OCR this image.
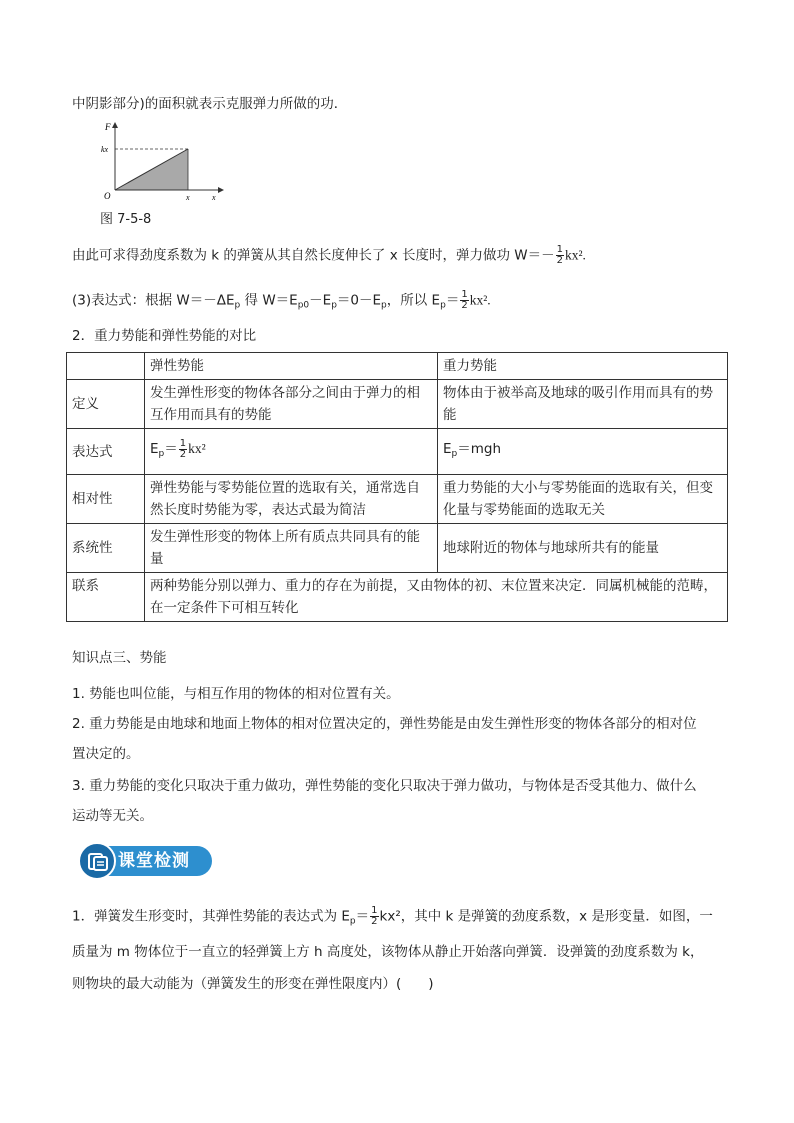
中阴影部分)的面积就表示克服弹力所做的功．
F
kx
O	x	x
图 7-5-8
由此可求得劲度系数为 k 的弹簧从其自然长度伸长了 x 长度时，弹力做功 $W=- \frac{1}{2} kx^2$.
(3)表达式：根据 $W=-\Delta E_p$ 得 $W=E_{p0}-E_p=0-E_p$，所以 $E_p= \frac{1}{2} kx^2$.
2．重力势能和弹性势能的对比
	弹性势能	重力势能
定义	发生弹性形变的物体各部分之间由于弹力的相互作用而具有的势能	物体由于被举高及地球的吸引作用而具有的势能
表达式	$E_p= \frac{1}{2} kx^2$	$E_p=mgh$
相对性	弹性势能与零势能位置的选取有关，通常选自然长度时势能为零，表达式最为简洁	重力势能的大小与零势能面的选取有关，但变化量与零势能面的选取无关
系统性	发生弹性形变的物体上所有质点共同具有的能量	地球附近的物体与地球所共有的能量
联系	两种势能分别以弹力、重力的存在为前提，又由物体的初、末位置来决定．同属机械能的范畴，在一定条件下可相互转化	
知识点三、势能
1. 势能也叫位能，与相互作用的物体的相对位置有关。
2. 重力势能是由地球和地面上物体的相对位置决定的，弹性势能是由发生弹性形变的物体各部分的相对位
置决定的。
3. 重力势能的变化只取决于重力做功，弹性势能的变化只取决于弹力做功，与物体是否受其他力、做什么
运动等无关。
课堂检测
1．弹簧发生形变时，其弹性势能的表达式为 $E_p= \frac{1}{2} kx^2$，其中 k 是弹簧的劲度系数，x 是形变量．如图，一
质量为 m 物体位于一直立的轻弹簧上方 h 高度处，该物体从静止开始落向弹簧．设弹簧的劲度系数为 k，
则物块的最大动能为（弹簧发生的形变在弹性限度内）(　　)
